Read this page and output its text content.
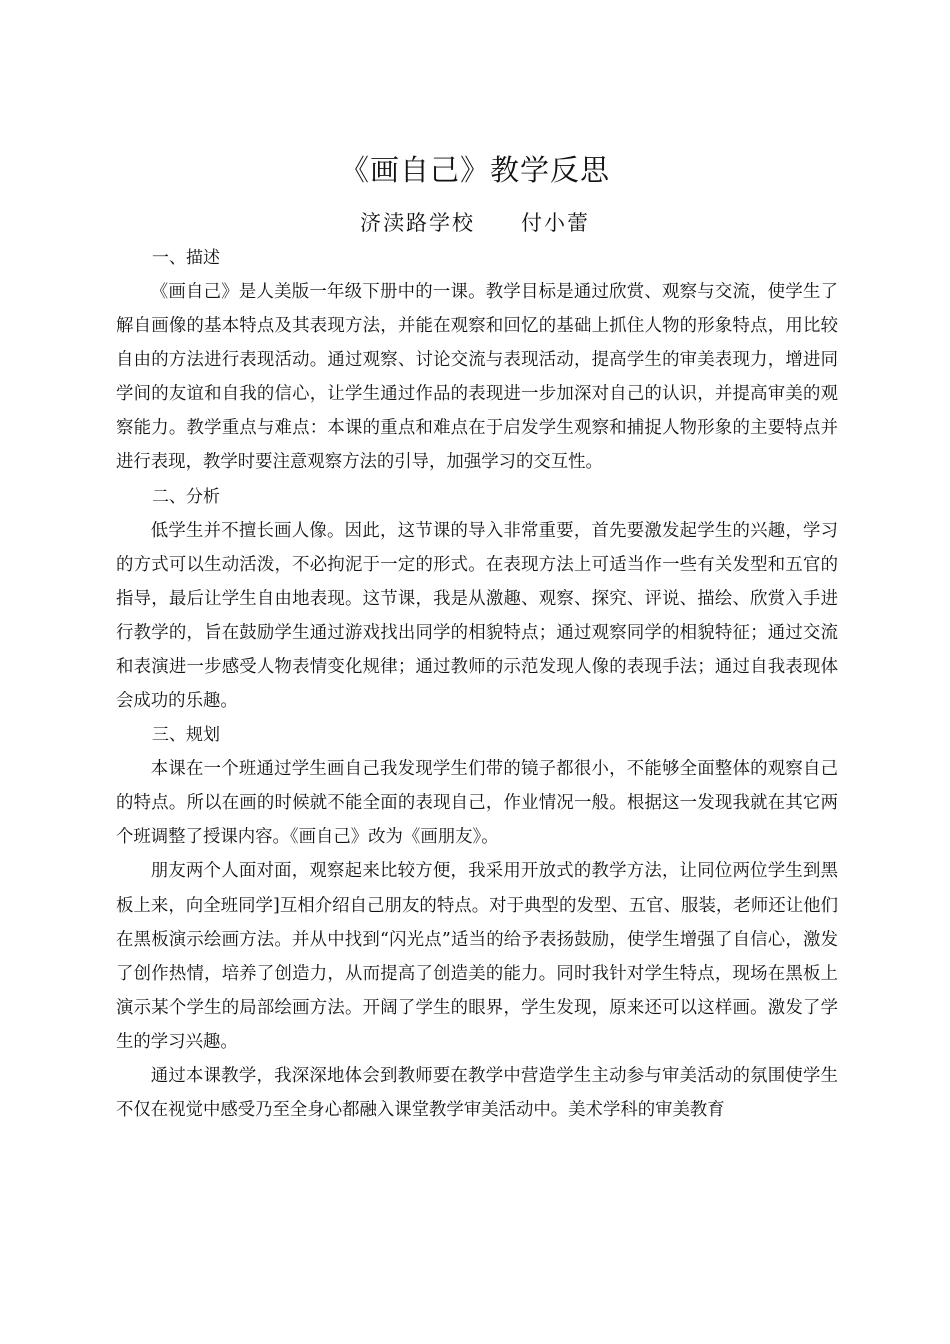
《画自己》教学反思
济渎路学校 付小蕾
一、描述

《画自己》是人美版一年级下册中的一课。教学目标是通过欣赏、观察与交流，使学生了解自画像的基本特点及其表现方法，并能在观察和回忆的基础上抓住人物的形象特点，用比较自由的方法进行表现活动。通过观察、讨论交流与表现活动，提高学生的审美表现力，增进同学间的友谊和自我的信心，让学生通过作品的表现进一步加深对自己的认识，并提高审美的观察能力。教学重点与难点：本课的重点和难点在于启发学生观察和捕捉人物形象的主要特点并进行表现，教学时要注意观察方法的引导，加强学习的交互性。

二、分析

低学生并不擅长画人像。因此，这节课的导入非常重要，首先要激发起学生的兴趣，学习的方式可以生动活泼，不必拘泥于一定的形式。在表现方法上可适当作一些有关发型和五官的指导，最后让学生自由地表现。这节课，我是从激趣、观察、探究、评说、描绘、欣赏入手进行教学的，旨在鼓励学生通过游戏找出同学的相貌特点；通过观察同学的相貌特征；通过交流和表演进一步感受人物表情变化规律；通过教师的示范发现人像的表现手法；通过自我表现体会成功的乐趣。

三、规划

本课在一个班通过学生画自己我发现学生们带的镜子都很小，不能够全面整体的观察自己的特点。所以在画的时候就不能全面的表现自己，作业情况一般。根据这一发现我就在其它两个班调整了授课内容。《画自己》改为《画朋友》。

朋友两个人面对面，观察起来比较方便，我采用开放式的教学方法，让同位两位学生到黑板上来，向全班同学]互相介绍自己朋友的特点。对于典型的发型、五官、服装，老师还让他们在黑板演示绘画方法。并从中找到“闪光点”适当的给予表扬鼓励，使学生增强了自信心，激发了创作热情，培养了创造力，从而提高了创造美的能力。同时我针对学生特点，现场在黑板上演示某个学生的局部绘画方法。开阔了学生的眼界，学生发现，原来还可以这样画。激发了学生的学习兴趣。

通过本课教学，我深深地体会到教师要在教学中营造学生主动参与审美活动的氛围使学生不仅在视觉中感受乃至全身心都融入课堂教学审美活动中。美术学科的审美教育
